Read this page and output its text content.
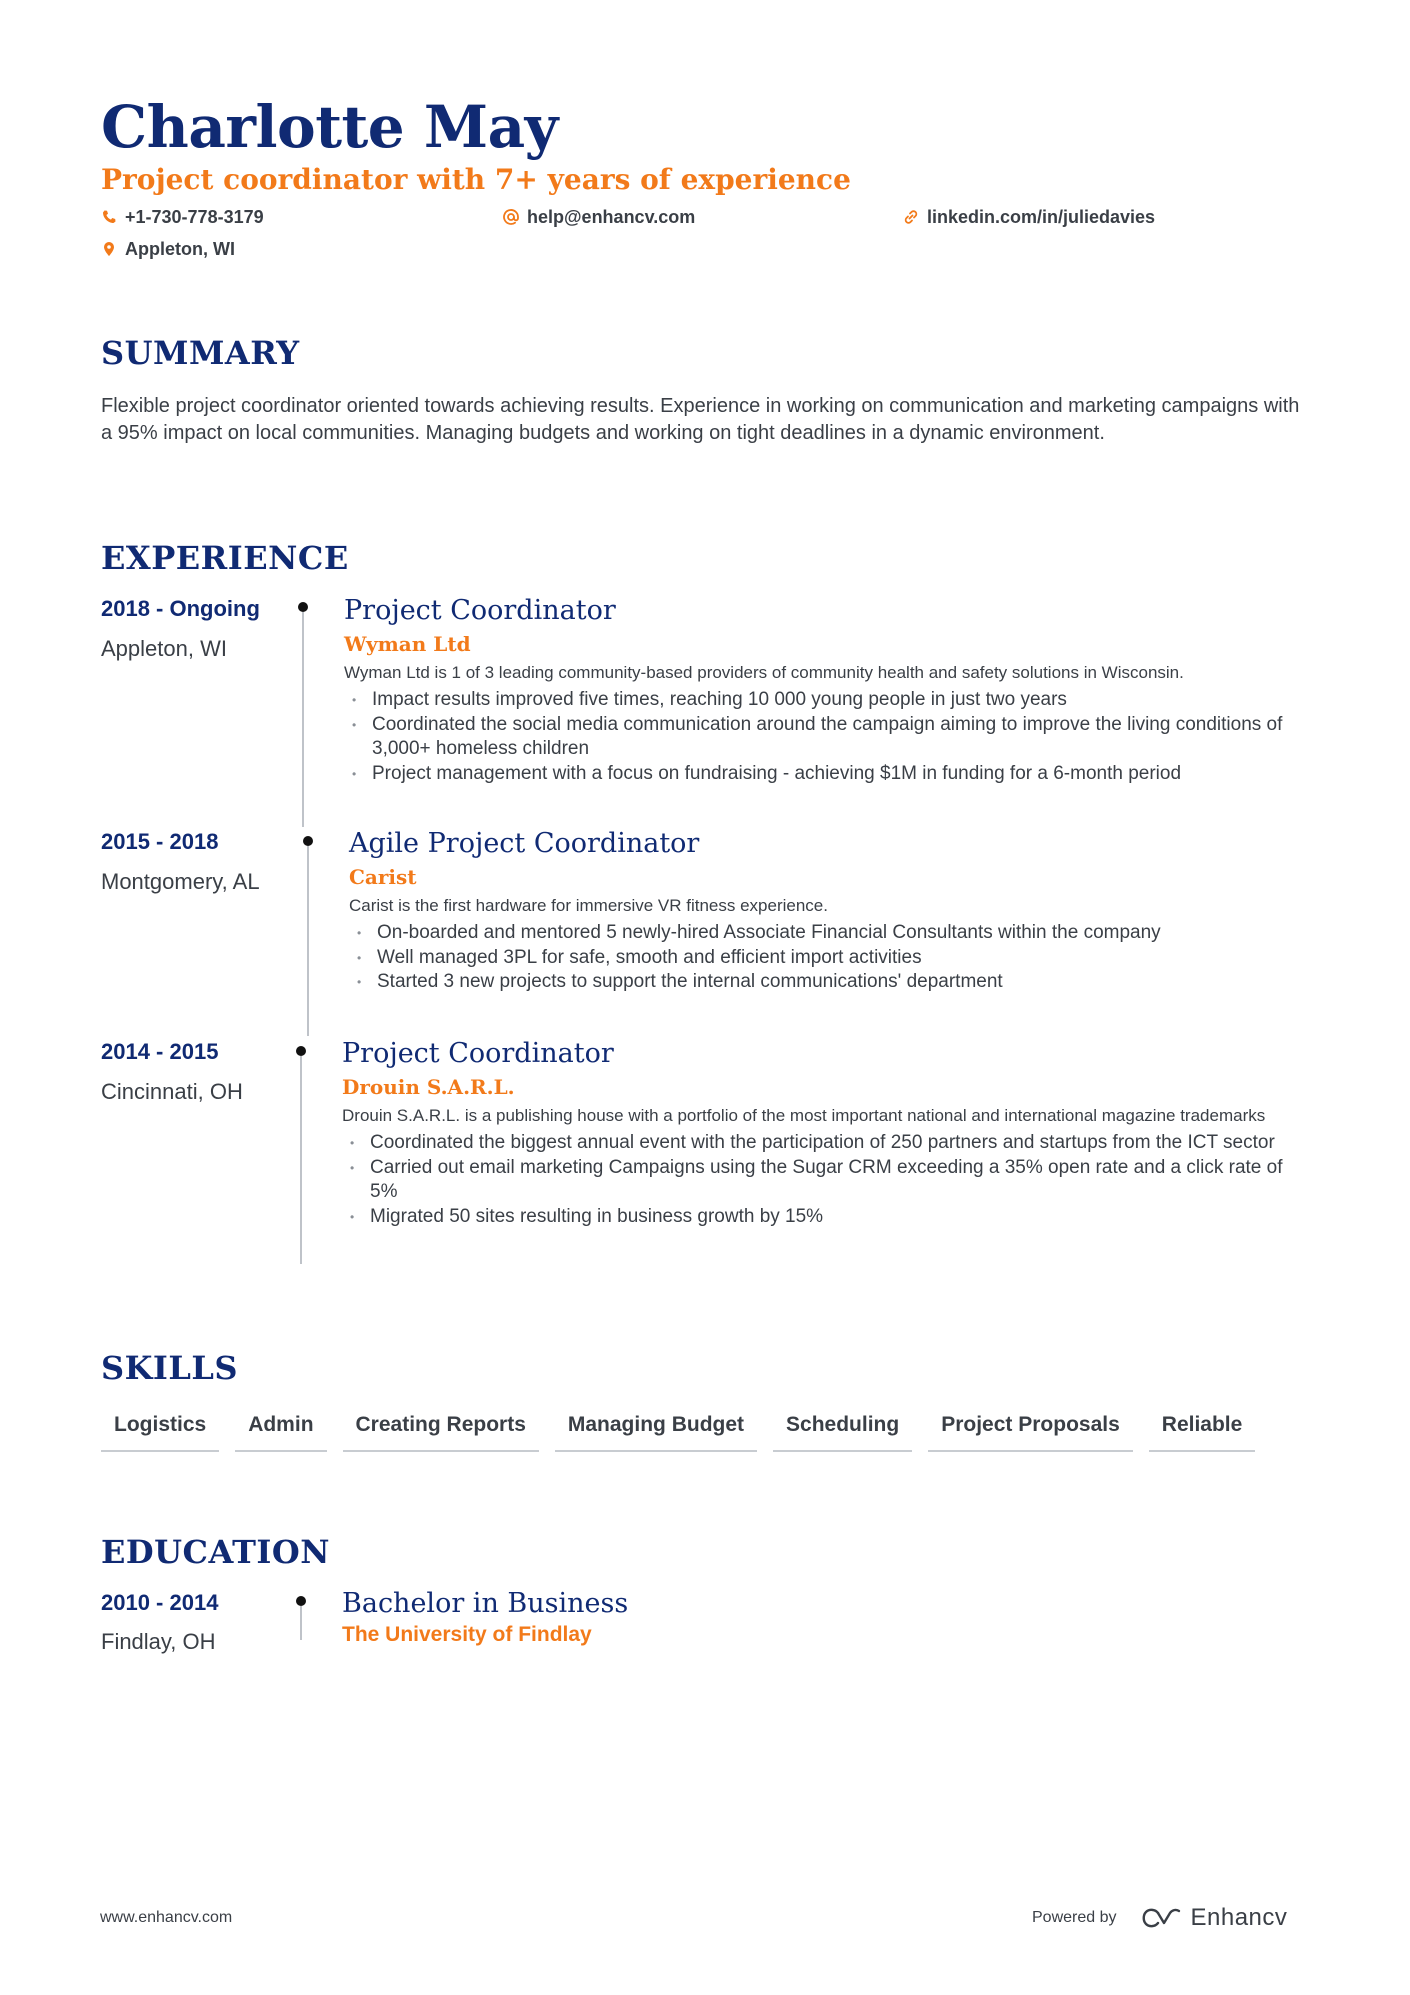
Charlotte May
Project coordinator with 7+ years of experience
+1-730-778-3179	help@enhancv.com	linkedin.com/in/juliedavies
Appleton, WI
SUMMARY
Flexible project coordinator oriented towards achieving results. Experience in working on communication and marketing campaigns with a 95% impact on local communities. Managing budgets and working on tight deadlines in a dynamic environment.
EXPERIENCE
2018 - Ongoing
Appleton, WI
Project Coordinator
Wyman Ltd
Wyman Ltd is 1 of 3 leading community-based providers of community health and safety solutions in Wisconsin.
• Impact results improved five times, reaching 10 000 young people in just two years
• Coordinated the social media communication around the campaign aiming to improve the living conditions of 3,000+ homeless children
• Project management with a focus on fundraising - achieving $1M in funding for a 6-month period
2015 - 2018
Montgomery, AL
Agile Project Coordinator
Carist
Carist is the first hardware for immersive VR fitness experience.
• On-boarded and mentored 5 newly-hired Associate Financial Consultants within the company
• Well managed 3PL for safe, smooth and efficient import activities
• Started 3 new projects to support the internal communications' department
2014 - 2015
Cincinnati, OH
Project Coordinator
Drouin S.A.R.L.
Drouin S.A.R.L. is a publishing house with a portfolio of the most important national and international magazine trademarks
• Coordinated the biggest annual event with the participation of 250 partners and startups from the ICT sector
• Carried out email marketing Campaigns using the Sugar CRM exceeding a 35% open rate and a click rate of 5%
• Migrated 50 sites resulting in business growth by 15%
SKILLS
Logistics	Admin	Creating Reports	Managing Budget	Scheduling	Project Proposals	Reliable
EDUCATION
2010 - 2014
Findlay, OH
Bachelor in Business
The University of Findlay
www.enhancv.com	Powered by	Enhancv
